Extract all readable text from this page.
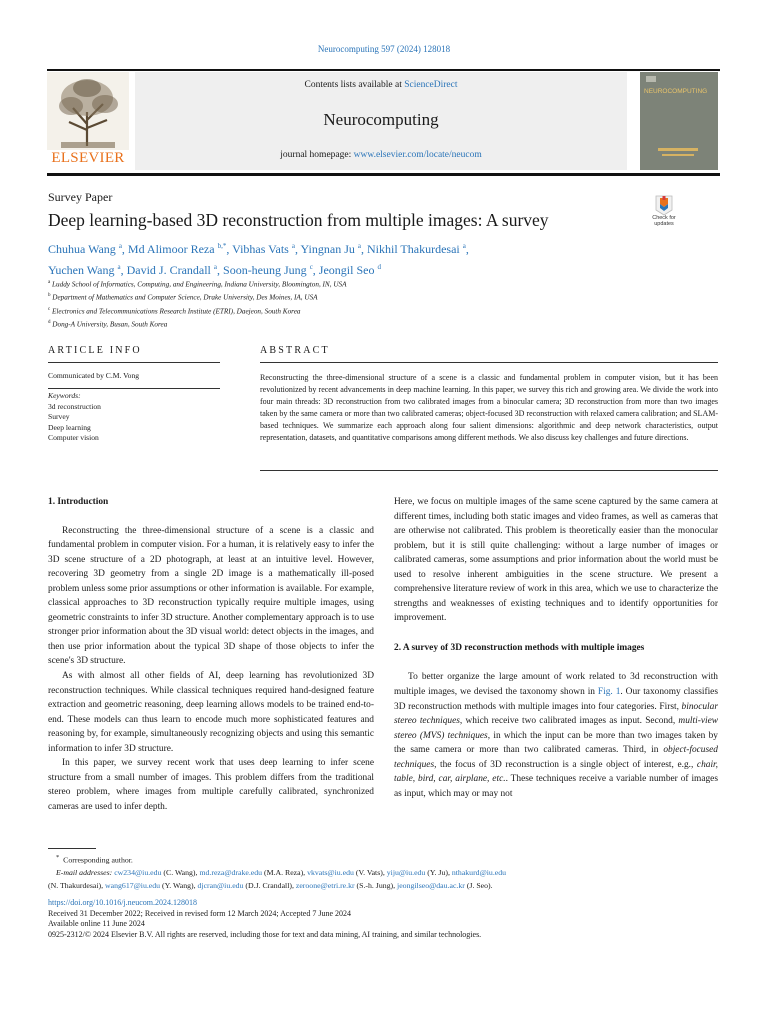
Neurocomputing 597 (2024) 128018
ELSEVIER
Contents lists available at ScienceDirect
Neurocomputing
journal homepage: www.elsevier.com/locate/neucom
NEUROCOMPUTING
Survey Paper
Deep learning-based 3D reconstruction from multiple images: A survey	Check for updates
Chuhua Wang $^a$, Md Alimoor Reza $^{b,*}$, Vibhas Vats $^a$, Yingnan Ju $^a$, Nikhil Thakurdesai $^a$,
Yuchen Wang $^a$, David J. Crandall $^a$, Soon-heung Jung $^c$, Jeongil Seo $^d$
$^a$ Luddy School of Informatics, Computing, and Engineering, Indiana University, Bloomington, IN, USA
$^b$ Department of Mathematics and Computer Science, Drake University, Des Moines, IA, USA
$^c$ Electronics and Telecommunications Research Institute (ETRI), Daejeon, South Korea
$^d$ Dong-A University, Busan, South Korea
ARTICLE INFO
Communicated by C.M. Vong
Keywords:
3d reconstruction
Survey
Deep learning
Computer vision
ABSTRACT
Reconstructing the three-dimensional structure of a scene is a classic and fundamental problem in computer vision, but it has been revolutionized by recent advancements in deep machine learning. In this paper, we survey this rich and growing area. We divide the work into four main threads: 3D reconstruction from two calibrated images from a binocular camera; 3D reconstruction from more than two images taken by the same camera or more than two calibrated cameras; object-focused 3D reconstruction with relaxed camera calibration; and SLAM-based techniques. We summarize each approach along four salient dimensions: algorithmic and deep network characteristics, output representation, datasets, and quantitative comparisons among different methods. We also discuss key challenges and future directions.

1. Introduction

Reconstructing the three-dimensional structure of a scene is a classic and fundamental problem in computer vision. For a human, it is relatively easy to infer the 3D scene structure of a 2D photograph, at least at an intuitive level. However, recovering 3D geometry from a single 2D image is a mathematically ill-posed problem unless some prior assumptions or other information is available. For example, classical approaches to 3D reconstruction typically require multiple images, using geometric constraints to infer 3D structure. Another complementary approach is to use stronger prior information about the 3D visual world: detect objects in the images, and then use prior information about the typical 3D shape of those objects to infer the scene's 3D structure.

As with almost all other fields of AI, deep learning has revolutionized 3D reconstruction techniques. While classical techniques required hand-designed feature extraction and geometric reasoning, deep learning allows models to be trained end-to-end. These models can thus learn to encode much more sophisticated features and reasoning by, for example, simultaneously recognizing objects and using this semantic information to infer 3D structure.

In this paper, we survey recent work that uses deep learning to infer scene structure from a small number of images. This problem differs from the traditional stereo problem, where images from multiple carefully calibrated, synchronized cameras are used to infer depth.

Here, we focus on multiple images of the same scene captured by the same camera at different times, including both static images and video frames, as well as cameras that are otherwise not calibrated. This problem is theoretically easier than the monocular problem, but it is still quite challenging: without a large number of images or calibrated cameras, some assumptions and prior information about the world must be used to resolve inherent ambiguities in the scene structure. We present a comprehensive literature review of work in this area, which we use to characterize the strengths and weaknesses of existing techniques and to identify opportunities for improvement.

2. A survey of 3D reconstruction methods with multiple images

To better organize the large amount of work related to 3d reconstruction with multiple images, we devised the taxonomy shown in Fig. 1. Our taxonomy classifies 3D reconstruction methods with multiple images into four categories. First, binocular stereo techniques, which receive two calibrated images as input. Second, multi-view stereo (MVS) techniques, in which the input can be more than two images taken by the same camera or more than two calibrated cameras. Third, in object-focused techniques, the focus of 3D reconstruction is a single object of interest, e.g., chair, table, bird, car, airplane, etc.. These techniques receive a variable number of images as input, which may or may not

* Corresponding author.
E-mail addresses: cw234@iu.edu (C. Wang), md.reza@drake.edu (M.A. Reza), vkvats@iu.edu (V. Vats), yiju@iu.edu (Y. Ju), nthakurd@iu.edu
(N. Thakurdesai), wang617@iu.edu (Y. Wang), djcran@iu.edu (D.J. Crandall), zeroone@etri.re.kr (S.-h. Jung), jeongilseo@dau.ac.kr (J. Seo).
https://doi.org/10.1016/j.neucom.2024.128018
Received 31 December 2022; Received in revised form 12 March 2024; Accepted 7 June 2024
Available online 11 June 2024
0925-2312/© 2024 Elsevier B.V. All rights are reserved, including those for text and data mining, AI training, and similar technologies.
